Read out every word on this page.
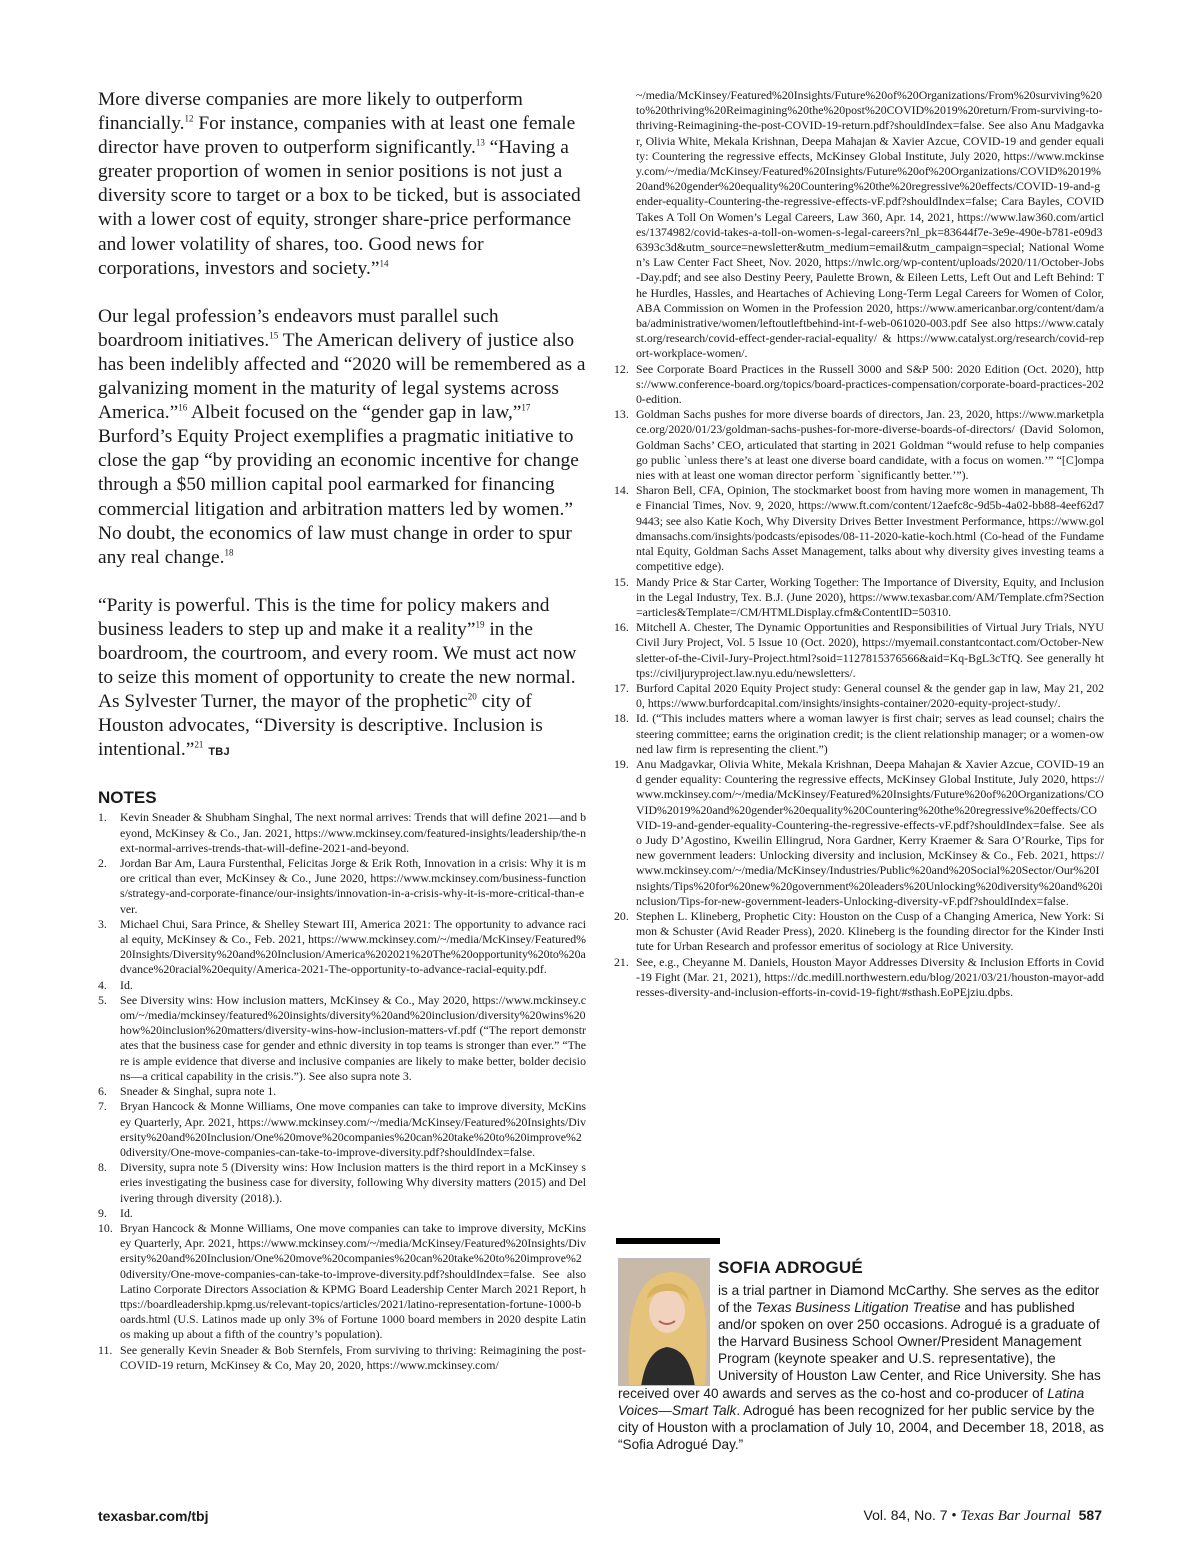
More diverse companies are more likely to outperform financially.$^{12}$ For instance, companies with at least one female director have proven to outperform significantly.$^{13}$ “Having a greater proportion of women in senior positions is not just a diversity score to target or a box to be ticked, but is associated with a lower cost of equity, stronger share-price performance and lower volatility of shares, too. Good news for corporations, investors and society.”$^{14}$

Our legal profession’s endeavors must parallel such boardroom initiatives.$^{15}$ The American delivery of justice also has been indelibly affected and “2020 will be remembered as a galvanizing moment in the maturity of legal systems across America.”$^{16}$ Albeit focused on the “gender gap in law,”$^{17}$ Burford’s Equity Project exemplifies a pragmatic initiative to close the gap “by providing an economic incentive for change through a $50 million capital pool earmarked for financing commercial litigation and arbitration matters led by women.” No doubt, the economics of law must change in order to spur any real change.$^{18}$

“Parity is powerful. This is the time for policy makers and business leaders to step up and make it a reality”$^{19}$ in the boardroom, the courtroom, and every room. We must act now to seize this moment of opportunity to create the new normal. As Sylvester Turner, the mayor of the prophetic$^{20}$ city of Houston advocates, “Diversity is descriptive. Inclusion is intentional.”$^{21}$TBJ

NOTES
1. Kevin Sneader & Shubham Singhal, The next normal arrives: Trends that will define 2021—and beyond, McKinsey & Co., Jan. 2021, https://www.mckinsey.com/featured-insights/leadership/the-next-normal-arrives-trends-that-will-define-2021-and-beyond.
2. Jordan Bar Am, Laura Furstenthal, Felicitas Jorge & Erik Roth, Innovation in a crisis: Why it is more critical than ever, McKinsey & Co., June 2020, https://www.mckinsey.com/business-functions/strategy-and-corporate-finance/our-insights/innovation-in-a-crisis-why-it-is-more-critical-than-ever.
3. Michael Chui, Sara Prince, & Shelley Stewart III, America 2021: The opportunity to advance racial equity, McKinsey & Co., Feb. 2021, https://www.mckinsey.com/~/media/McKinsey/Featured%20Insights/Diversity%20and%20Inclusion/America%202021%20The%20opportunity%20to%20advance%20racial%20equity/America-2021-The-opportunity-to-advance-racial-equity.pdf.
4. Id.
5. See Diversity wins: How inclusion matters, McKinsey & Co., May 2020, https://www.mckinsey.com/~/media/mckinsey/featured%20insights/diversity%20and%20inclusion/diversity%20wins%20how%20inclusion%20matters/diversity-wins-how-inclusion-matters-vf.pdf (“The report demonstrates that the business case for gender and ethnic diversity in top teams is stronger than ever.” “There is ample evidence that diverse and inclusive companies are likely to make better, bolder decisions—a critical capability in the crisis.”). See also supra note 3.
6. Sneader & Singhal, supra note 1.
7. Bryan Hancock & Monne Williams, One move companies can take to improve diversity, McKinsey Quarterly, Apr. 2021, https://www.mckinsey.com/~/media/McKinsey/Featured%20Insights/Diversity%20and%20Inclusion/One%20move%20companies%20can%20take%20to%20improve%20diversity/One-move-companies-can-take-to-improve-diversity.pdf?shouldIndex=false.
8. Diversity, supra note 5 (Diversity wins: How Inclusion matters is the third report in a McKinsey series investigating the business case for diversity, following Why diversity matters (2015) and Delivering through diversity (2018).).
9. Id.
10. Bryan Hancock & Monne Williams, One move companies can take to improve diversity, McKinsey Quarterly, Apr. 2021, https://www.mckinsey.com/~/media/McKinsey/Featured%20Insights/Diversity%20and%20Inclusion/One%20move%20companies%20can%20take%20to%20improve%20diversity/One-move-companies-can-take-to-improve-diversity.pdf?shouldIndex=false. See also Latino Corporate Directors Association & KPMG Board Leadership Center March 2021 Report, https://boardleadership.kpmg.us/relevant-topics/articles/2021/latino-representation-fortune-1000-boards.html (U.S. Latinos made up only 3% of Fortune 1000 board members in 2020 despite Latinos making up about a fifth of the country’s population).
11. See generally Kevin Sneader & Bob Sternfels, From surviving to thriving: Reimagining the post-COVID-19 return, McKinsey & Co, May 20, 2020, https://www.mckinsey.com/

~/media/McKinsey/Featured%20Insights/Future%20of%20Organizations/From%20surviving%20to%20thriving%20Reimagining%20the%20post%20COVID%2019%20return/From-surviving-to-thriving-Reimagining-the-post-COVID-19-return.pdf?shouldIndex=false. See also Anu Madgavkar, Olivia White, Mekala Krishnan, Deepa Mahajan & Xavier Azcue, COVID-19 and gender equality: Countering the regressive effects, McKinsey Global Institute, July 2020, https://www.mckinsey.com/~/media/McKinsey/Featured%20Insights/Future%20of%20Organizations/COVID%2019%20and%20gender%20equality%20Countering%20the%20regressive%20effects/COVID-19-and-gender-equality-Countering-the-regressive-effects-vF.pdf?shouldIndex=false; Cara Bayles, COVID Takes A Toll On Women’s Legal Careers, Law 360, Apr. 14, 2021, https://www.law360.com/articles/1374982/covid-takes-a-toll-on-women-s-legal-careers?nl_pk=83644f7e-3e9e-490e-b781-e09d36393c3d&utm_source=newsletter&utm_medium=email&utm_campaign=special; National Women’s Law Center Fact Sheet, Nov. 2020, https://nwlc.org/wp-content/uploads/2020/11/October-Jobs-Day.pdf; and see also Destiny Peery, Paulette Brown, & Eileen Letts, Left Out and Left Behind: The Hurdles, Hassles, and Heartaches of Achieving Long-Term Legal Careers for Women of Color, ABA Commission on Women in the Profession 2020, https://www.americanbar.org/content/dam/aba/administrative/women/leftoutleftbehind-int-f-web-061020-003.pdf See also https://www.catalyst.org/research/covid-effect-gender-racial-equality/ & https://www.catalyst.org/research/covid-report-workplace-women/.

12. See Corporate Board Practices in the Russell 3000 and S&P 500: 2020 Edition (Oct. 2020), https://www.conference-board.org/topics/board-practices-compensation/corporate-board-practices-2020-edition.
13. Goldman Sachs pushes for more diverse boards of directors, Jan. 23, 2020, https://www.marketplace.org/2020/01/23/goldman-sachs-pushes-for-more-diverse-boards-of-directors/ (David Solomon, Goldman Sachs’ CEO, articulated that starting in 2021 Goldman “would refuse to help companies go public `unless there’s at least one diverse board candidate, with a focus on women.’” “[C]ompanies with at least one woman director perform `significantly better.’”).
14. Sharon Bell, CFA, Opinion, The stockmarket boost from having more women in management, The Financial Times, Nov. 9, 2020, https://www.ft.com/content/12aefc8c-9d5b-4a02-bb88-4eef62d79443; see also Katie Koch, Why Diversity Drives Better Investment Performance, https://www.goldmansachs.com/insights/podcasts/episodes/08-11-2020-katie-koch.html (Co-head of the Fundamental Equity, Goldman Sachs Asset Management, talks about why diversity gives investing teams a competitive edge).
15. Mandy Price & Star Carter, Working Together: The Importance of Diversity, Equity, and Inclusion in the Legal Industry, Tex. B.J. (June 2020), https://www.texasbar.com/AM/Template.cfm?Section=articles&Template=/CM/HTMLDisplay.cfm&ContentID=50310.
16. Mitchell A. Chester, The Dynamic Opportunities and Responsibilities of Virtual Jury Trials, NYU Civil Jury Project, Vol. 5 Issue 10 (Oct. 2020), https://myemail.constantcontact.com/October-Newsletter-of-the-Civil-Jury-Project.html?soid=1127815376566&aid=Kq-BgL3cTfQ. See generally https://civiljuryproject.law.nyu.edu/newsletters/.
17. Burford Capital 2020 Equity Project study: General counsel & the gender gap in law, May 21, 2020, https://www.burfordcapital.com/insights/insights-container/2020-equity-project-study/.
18. Id. (“This includes matters where a woman lawyer is first chair; serves as lead counsel; chairs the steering committee; earns the origination credit; is the client relationship manager; or a women-owned law firm is representing the client.”)
19. Anu Madgavkar, Olivia White, Mekala Krishnan, Deepa Mahajan & Xavier Azcue, COVID-19 and gender equality: Countering the regressive effects, McKinsey Global Institute, July 2020, https://www.mckinsey.com/~/media/McKinsey/Featured%20Insights/Future%20of%20Organizations/COVID%2019%20and%20gender%20equality%20Countering%20the%20regressive%20effects/COVID-19-and-gender-equality-Countering-the-regressive-effects-vF.pdf?shouldIndex=false. See also Judy D’Agostino, Kweilin Ellingrud, Nora Gardner, Kerry Kraemer & Sara O’Rourke, Tips for new government leaders: Unlocking diversity and inclusion, McKinsey & Co., Feb. 2021, https://www.mckinsey.com/~/media/McKinsey/Industries/Public%20and%20Social%20Sector/Our%20Insights/Tips%20for%20new%20government%20leaders%20Unlocking%20diversity%20and%20inclusion/Tips-for-new-government-leaders-Unlocking-diversity-vF.pdf?shouldIndex=false.
20. Stephen L. Klineberg, Prophetic City: Houston on the Cusp of a Changing America, New York: Simon & Schuster (Avid Reader Press), 2020. Klineberg is the founding director for the Kinder Institute for Urban Research and professor emeritus of sociology at Rice University.
21. See, e.g., Cheyanne M. Daniels, Houston Mayor Addresses Diversity & Inclusion Efforts in Covid-19 Fight (Mar. 21, 2021), https://dc.medill.northwestern.edu/blog/2021/03/21/houston-mayor-addresses-diversity-and-inclusion-efforts-in-covid-19-fight/#sthash.EoPEjziu.dpbs.
SOFIA ADROGUÉ
is a trial partner in Diamond McCarthy. She serves as the editor of the Texas Business Litigation Treatise and has published and/or spoken on over 250 occasions. Adrogué is a graduate of the Harvard Business School Owner/President Management Program (keynote speaker and U.S. representative), the University of Houston Law Center, and Rice University. She has
received over 40 awards and serves as the co-host and co-producer of Latina Voices—Smart Talk. Adrogué has been recognized for her public service by the city of Houston with a proclamation of July 10, 2004, and December 18, 2018, as “Sofia Adrogué Day.”
texasbar.com/tbj	Vol. 84, No. 7 • Texas Bar Journal 587
